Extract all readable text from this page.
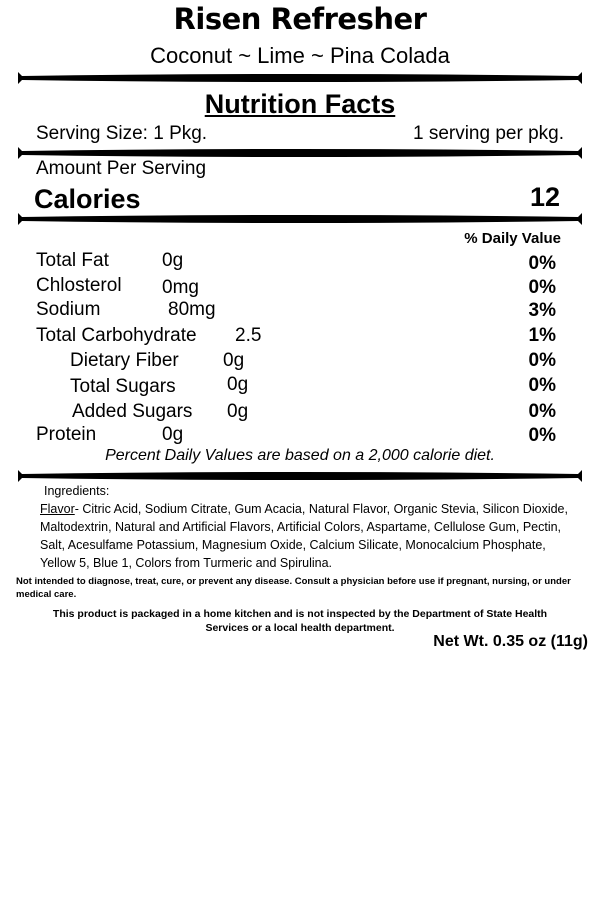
Risen Refresher
Coconut ~ Lime ~ Pina Colada
Nutrition Facts
Serving Size: 1 Pkg.	1 serving per pkg.
Amount Per Serving
Calories	12
% Daily Value
Total Fat	0g	0%
Chlosterol 0mg	0%
Sodium	80mg	3%
Total Carbohydrate 2.5	1%
Dietary Fiber 0g	0%
Total Sugars	0g	0%
Added Sugars 0g	0%
Protein	0g	0%
Percent Daily Values are based on a 2,000 calorie diet.
Ingredients:
Flavor- Citric Acid, Sodium Citrate, Gum Acacia, Natural Flavor, Organic Stevia, Silicon Dioxide, Maltodextrin, Natural and Artificial Flavors, Artificial Colors, Aspartame, Cellulose Gum, Pectin, Salt, Acesulfame Potassium, Magnesium Oxide, Calcium Silicate, Monocalcium Phosphate, Yellow 5, Blue 1, Colors from Turmeric and Spirulina.
Not intended to diagnose, treat, cure, or prevent any disease. Consult a physician before use if pregnant, nursing, or under medical care.
This product is packaged in a home kitchen and is not inspected by the Department of State Health Services or a local health department.
Net Wt. 0.35 oz (11g)
